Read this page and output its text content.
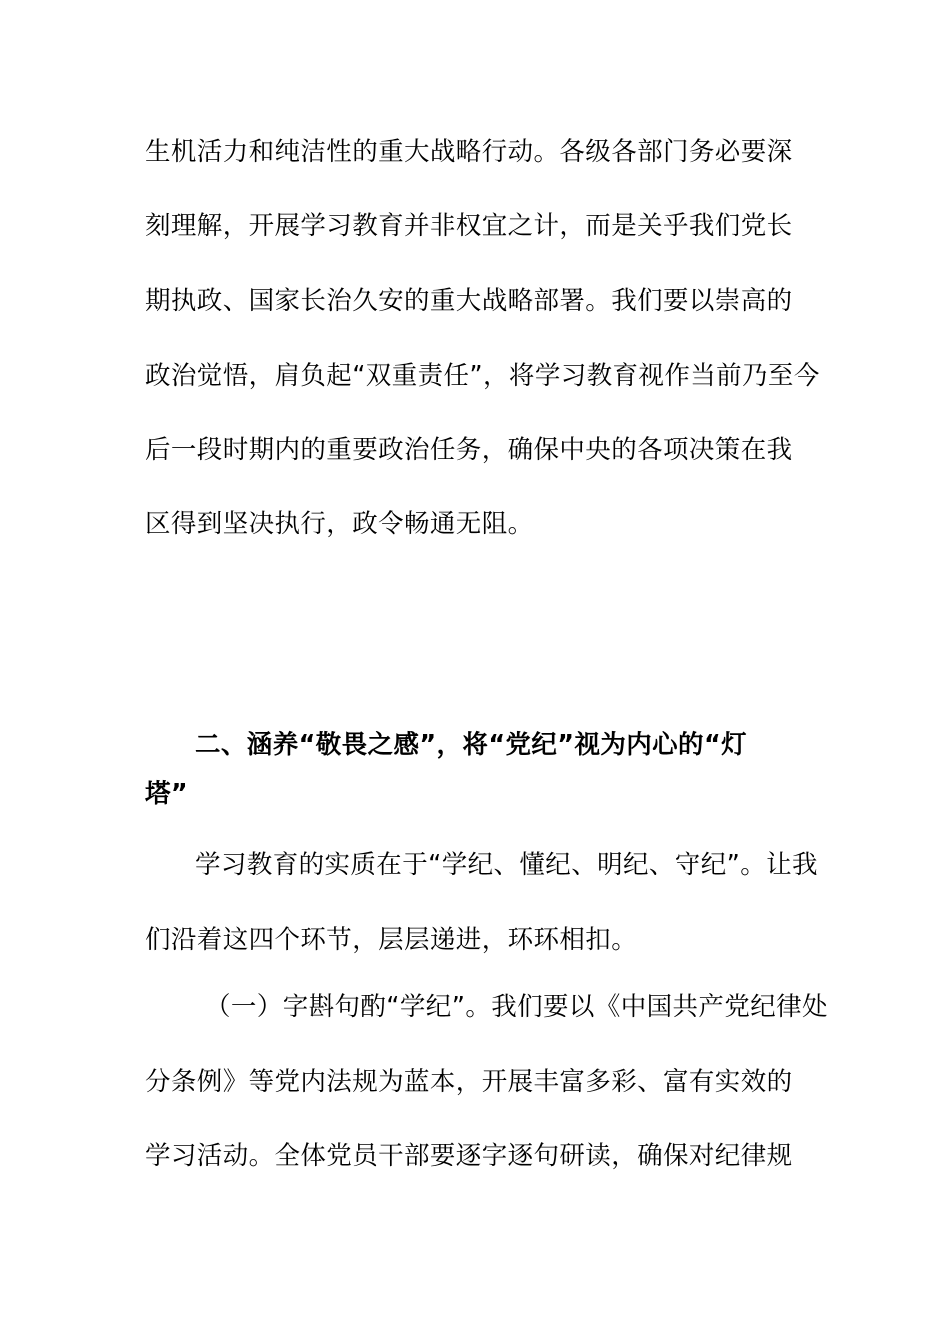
生机活力和纯洁性的重大战略行动。各级各部门务必要深
刻理解，开展学习教育并非权宜之计，而是关乎我们党长
期执政、国家长治久安的重大战略部署。我们要以崇高的
政治觉悟，肩负起“双重责任”，将学习教育视作当前乃至今
后一段时期内的重要政治任务，确保中央的各项决策在我
区得到坚决执行，政令畅通无阻。
二、涵养“敬畏之感”，将“党纪”视为内心的“灯
塔”
学习教育的实质在于“学纪、懂纪、明纪、守纪”。让我
们沿着这四个环节，层层递进，环环相扣。
（一）字斟句酌“学纪”。我们要以《中国共产党纪律处
分条例》等党内法规为蓝本，开展丰富多彩、富有实效的
学习活动。全体党员干部要逐字逐句研读，确保对纪律规
